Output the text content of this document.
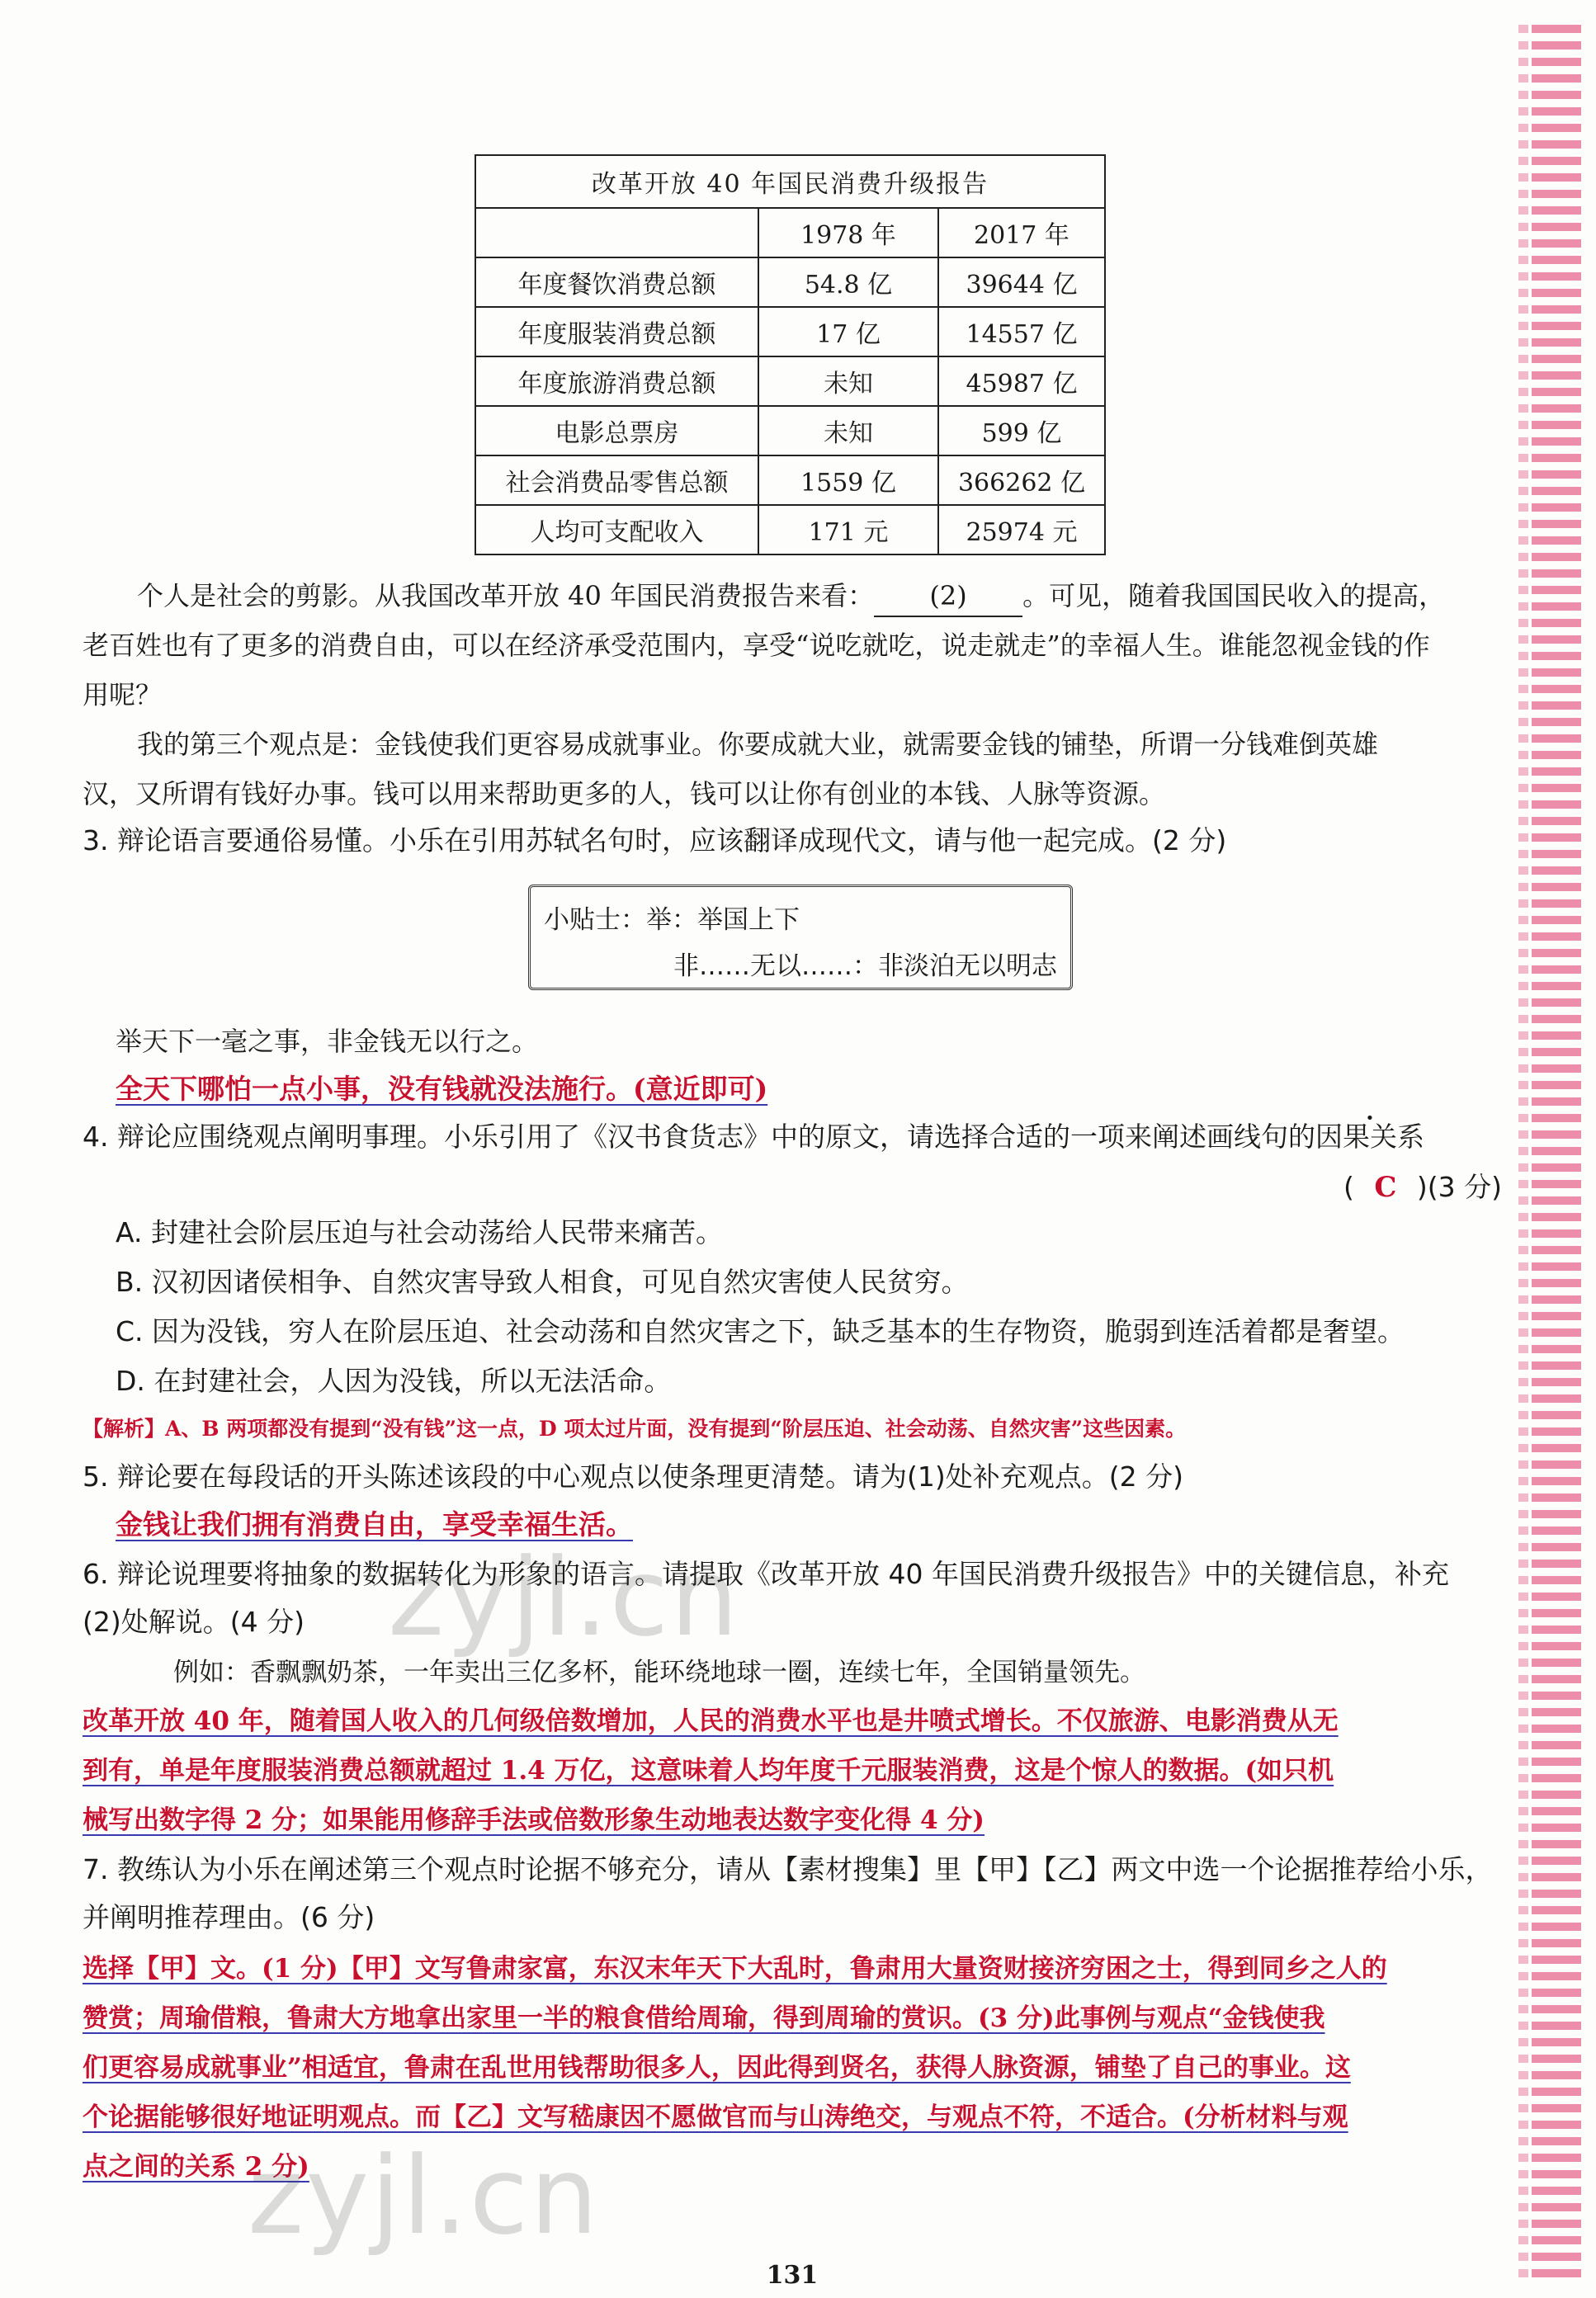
改革开放 40 年国民消费升级报告		
	1978 年	2017 年
年度餐饮消费总额	54.8 亿	39644 亿
年度服装消费总额	17 亿	14557 亿
年度旅游消费总额	未知	45987 亿
电影总票房	未知	599 亿
社会消费品零售总额	1559 亿	366262 亿
人均可支配收入	171 元	25974 元
个人是社会的剪影。从我国改革开放 40 年国民消费报告来看： (2) 。可见，随着我国国民收入的提高，
老百姓也有了更多的消费自由，可以在经济承受范围内，享受“说吃就吃，说走就走”的幸福人生。谁能忽视金钱的作
用呢？
我的第三个观点是：金钱使我们更容易成就事业。你要成就大业，就需要金钱的铺垫，所谓一分钱难倒英雄
汉，又所谓有钱好办事。钱可以用来帮助更多的人，钱可以让你有创业的本钱、人脉等资源。
3. 辩论语言要通俗易懂。小乐在引用苏轼名句时，应该翻译成现代文，请与他一起完成。(2 分)
小贴士：举：举国上下
非……无以……：非淡泊无以明志
举天下一毫之事，非金钱无以行之。
全天下哪怕一点小事，没有钱就没法施行。(意近即可)
4. 辩论应围绕观点阐明事理。小乐引用了《汉书食货志》中的原文，请选择合适的一项来阐述画线句的因果关系
( C )(3 分)
A. 封建社会阶层压迫与社会动荡给人民带来痛苦。
B. 汉初因诸侯相争、自然灾害导致人相食，可见自然灾害使人民贫穷。
C. 因为没钱，穷人在阶层压迫、社会动荡和自然灾害之下，缺乏基本的生存物资，脆弱到连活着都是奢望。
D. 在封建社会，人因为没钱，所以无法活命。
【解析】A、B 两项都没有提到“没有钱”这一点，D 项太过片面，没有提到“阶层压迫、社会动荡、自然灾害”这些因素。
5. 辩论要在每段话的开头陈述该段的中心观点以使条理更清楚。请为(1)处补充观点。(2 分)
金钱让我们拥有消费自由，享受幸福生活。
6. 辩论说理要将抽象的数据转化为形象的语言。请提取《改革开放 40 年国民消费升级报告》中的关键信息，补充
(2)处解说。(4 分)
例如：香飘飘奶茶，一年卖出三亿多杯，能环绕地球一圈，连续七年，全国销量领先。
改革开放 40 年，随着国人收入的几何级倍数增加，人民的消费水平也是井喷式增长。不仅旅游、电影消费从无
到有，单是年度服装消费总额就超过 1.4 万亿，这意味着人均年度千元服装消费，这是个惊人的数据。(如只机
械写出数字得 2 分；如果能用修辞手法或倍数形象生动地表达数字变化得 4 分)
7. 教练认为小乐在阐述第三个观点时论据不够充分，请从【素材搜集】里【甲】【乙】两文中选一个论据推荐给小乐，
并阐明推荐理由。(6 分)
选择【甲】文。(1 分)【甲】文写鲁肃家富，东汉末年天下大乱时，鲁肃用大量资财接济穷困之士，得到同乡之人的
赞赏；周瑜借粮，鲁肃大方地拿出家里一半的粮食借给周瑜，得到周瑜的赏识。(3 分)此事例与观点“金钱使我
们更容易成就事业”相适宜，鲁肃在乱世用钱帮助很多人，因此得到贤名，获得人脉资源，铺垫了自己的事业。这
个论据能够很好地证明观点。而【乙】文写嵇康因不愿做官而与山涛绝交，与观点不符，不适合。(分析材料与观
点之间的关系 2 分)
131
zyjl.cn
zyjl.cn
